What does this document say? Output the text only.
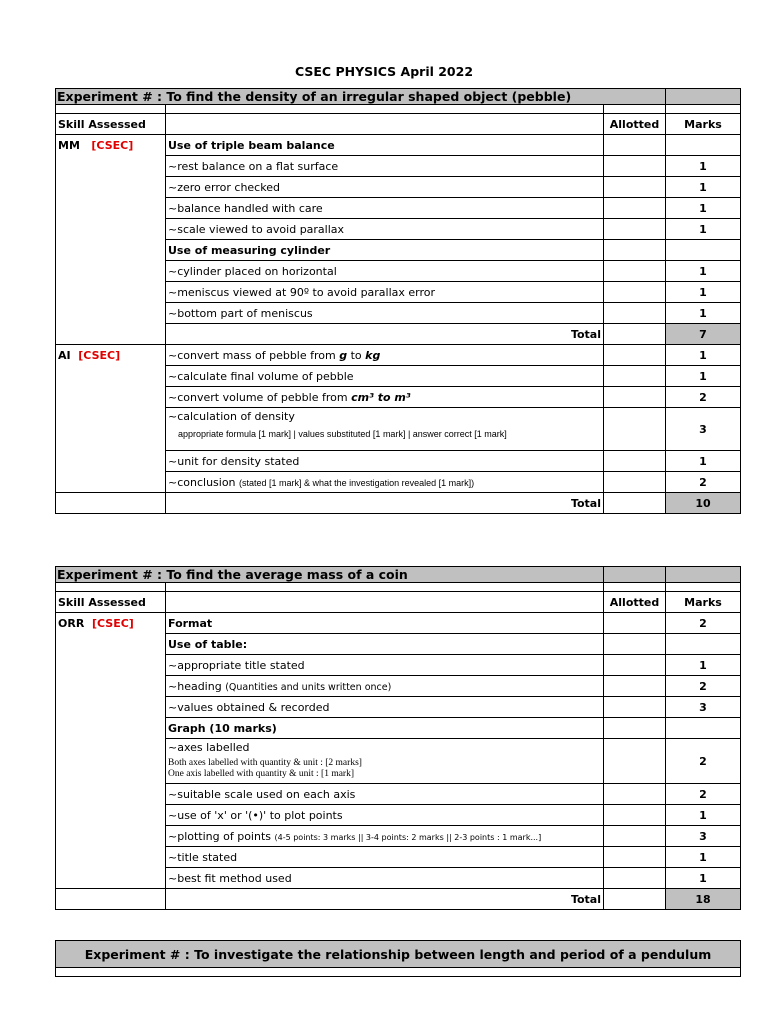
CSEC PHYSICS April 2022
Experiment # : To find the density of an irregular shaped object (pebble)			

Skill Assessed		Allotted	Marks
MM [CSEC]	Use of triple beam balance		
	~rest balance on a flat surface		1
	~zero error checked		1
	~balance handled with care		1
	~scale viewed to avoid parallax		1
	Use of measuring cylinder		
	~cylinder placed on horizontal		1
	~meniscus viewed at 90º to avoid parallax error		1
	~bottom part of meniscus		1
	Total		7
AI [CSEC]	~convert mass of pebble from g to kg		1
	~calculate final volume of pebble		1
	~convert volume of pebble from cm³ to m³		2

	~calculation of density
appropriate formula [1 mark] | values substituted [1 mark] | answer correct [1 mark]		3
	~unit for density stated		1
	~conclusion (stated [1 mark] & what the investigation revealed [1 mark])		2
	Total		10
Experiment # : To find the average mass of a coin			

Skill Assessed		Allotted	Marks
ORR [CSEC]	Format		2
	Use of table:		
	~appropriate title stated		1
	~heading (Quantities and units written once)		2
	~values obtained & recorded		3
	Graph (10 marks)		

	~axes labelled
Both axes labelled with quantity & unit : [2 marks]
One axis labelled with quantity & unit : [1 mark]		2
	~suitable scale used on each axis		2
	~use of 'x' or '(•)' to plot points		1
	~plotting of points (4-5 points: 3 marks || 3-4 points: 2 marks || 2-3 points : 1 mark...]		3
	~title stated		1
	~best fit method used		1
	Total		18
Experiment # : To investigate the relationship between length and period of a pendulum
